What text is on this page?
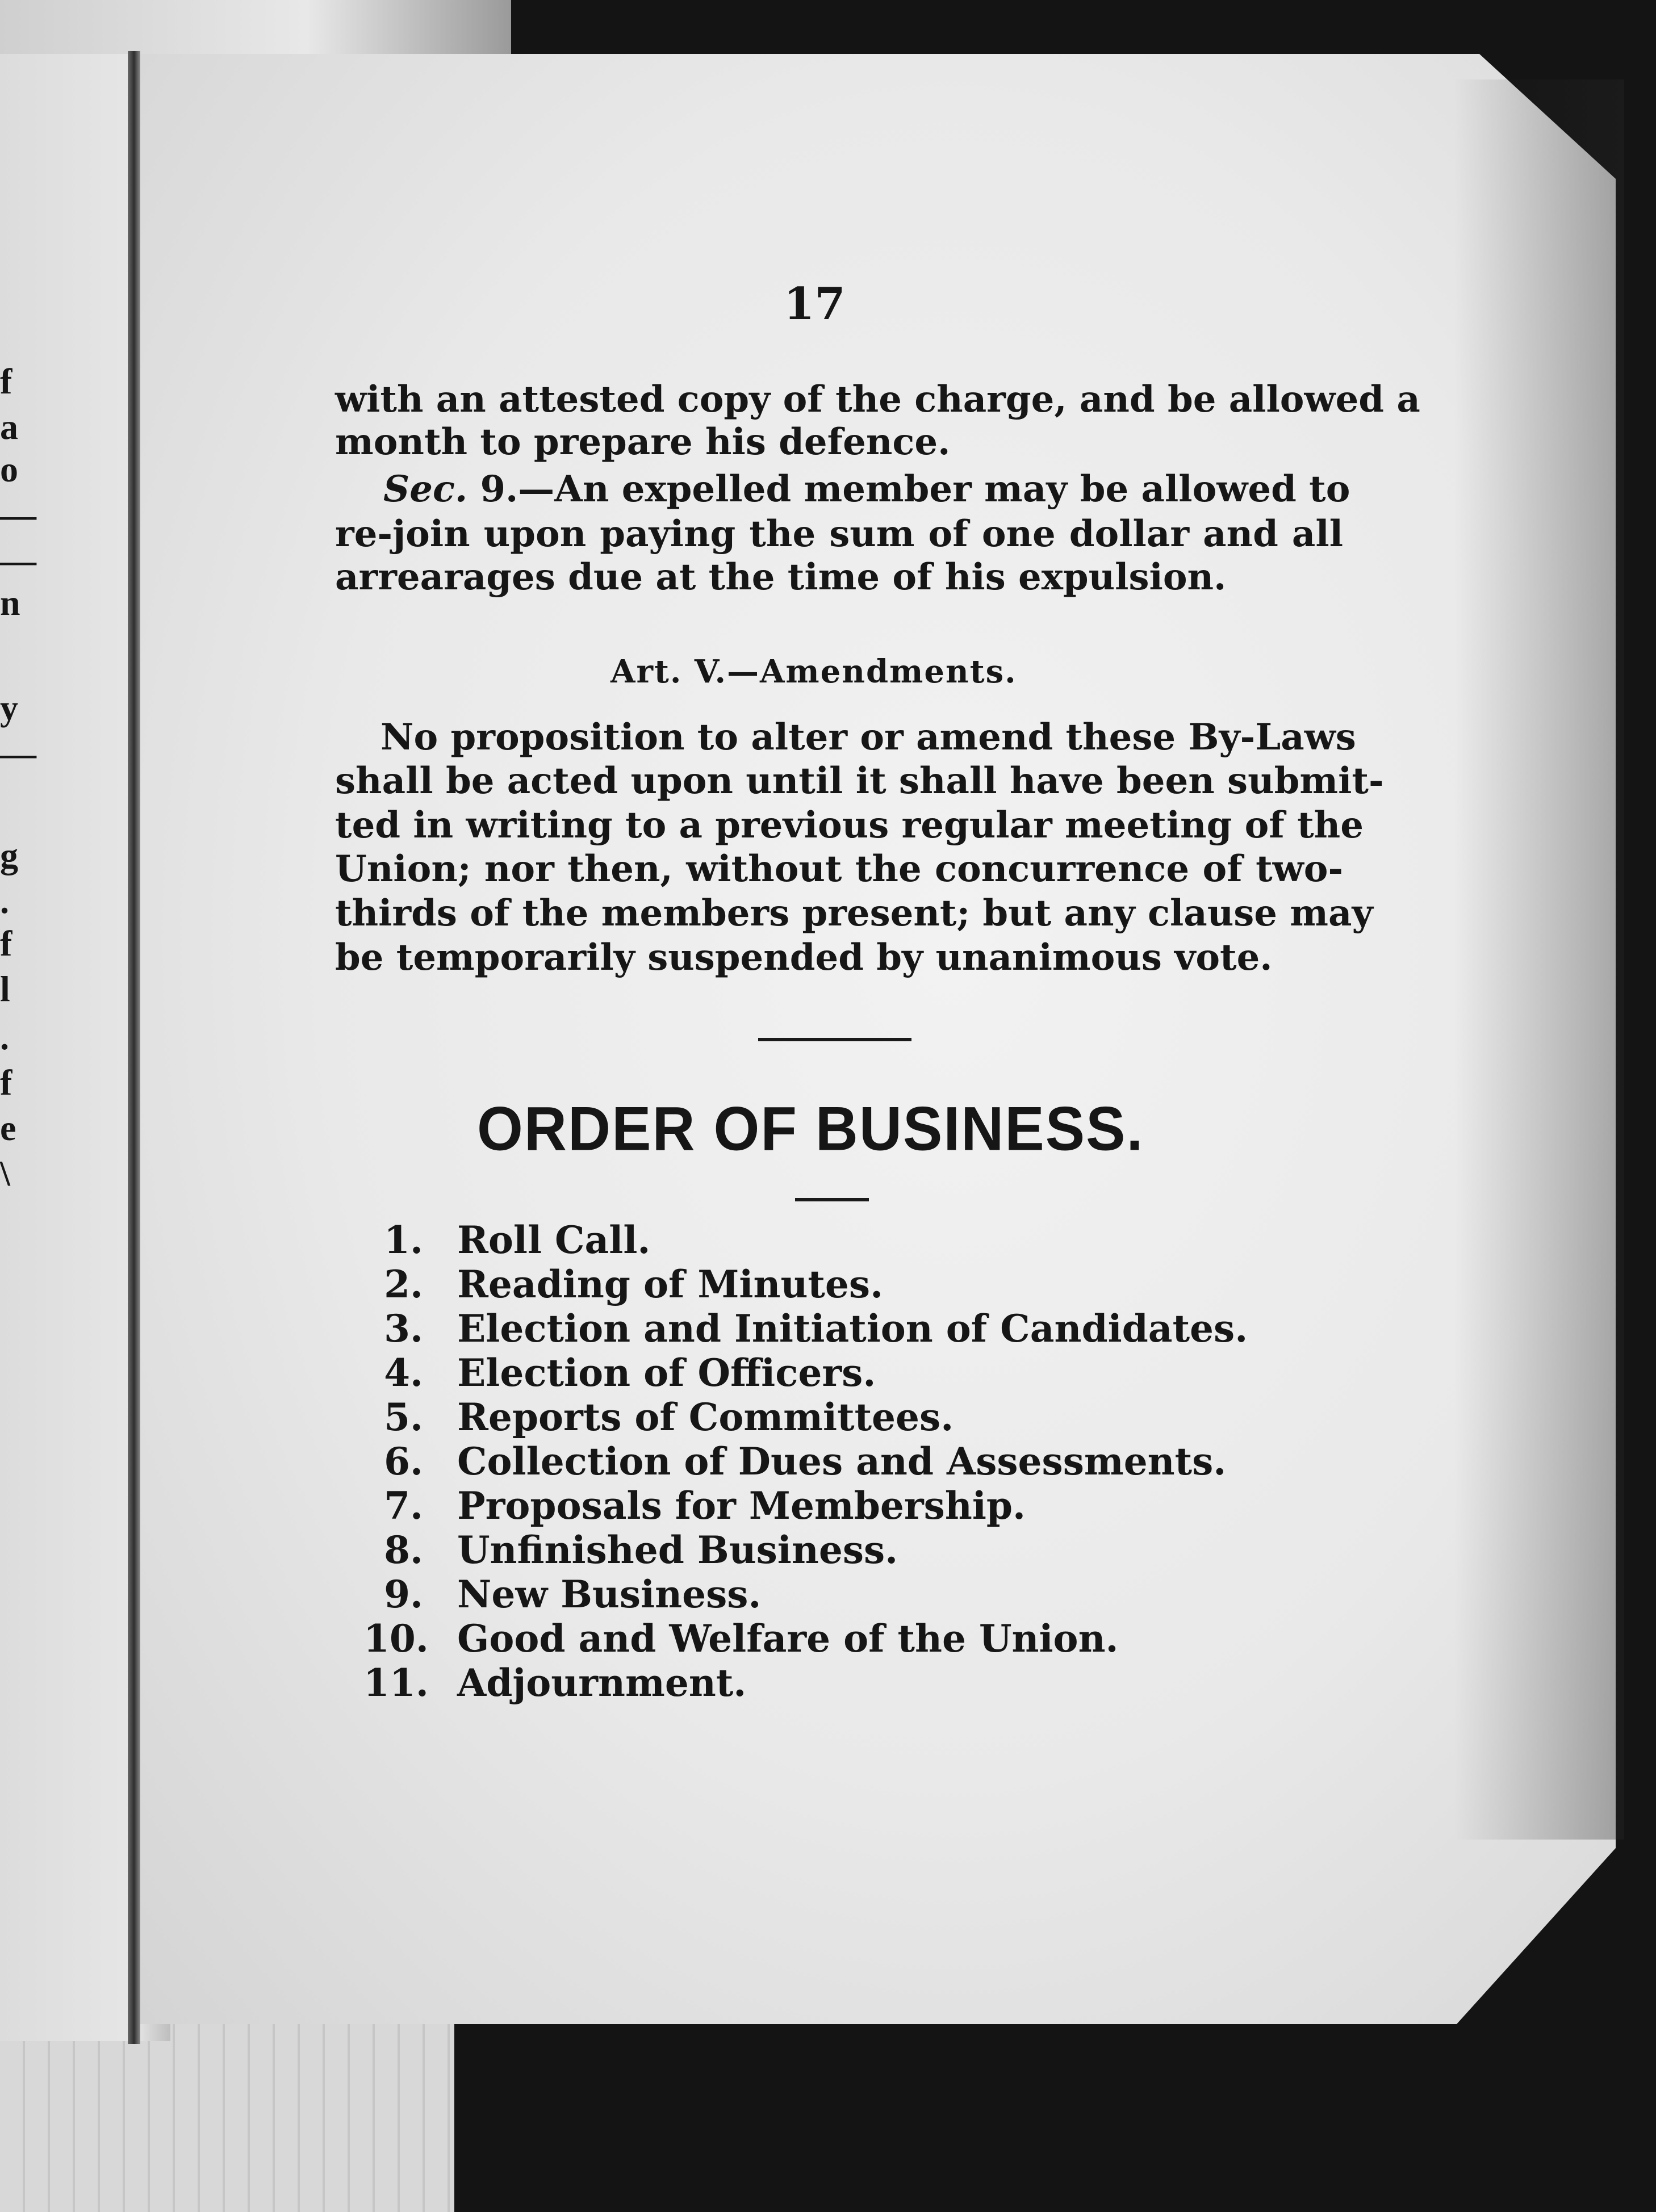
f
a
o
—
—
n
y
—
g
.
f
l
.
f
e
\
17
with an attested copy of the charge, and be allowed a
month to prepare his defence.
Sec. 9.—An expelled member may be allowed to
re-join upon paying the sum of one dollar and all
arrearages due at the time of his expulsion.
Art. V.—Amendments.
No proposition to alter or amend these By-Laws
shall be acted upon until it shall have been submit-
ted in writing to a previous regular meeting of the
Union; nor then, without the concurrence of two-
thirds of the members present; but any clause may
be temporarily suspended by unanimous vote.
ORDER OF BUSINESS.
1. Roll Call.
2. Reading of Minutes.
3. Election and Initiation of Candidates.
4. Election of Officers.
5. Reports of Committees.
6. Collection of Dues and Assessments.
7. Proposals for Membership.
8. Unfinished Business.
9. New Business.
10. Good and Welfare of the Union.
11. Adjournment.
